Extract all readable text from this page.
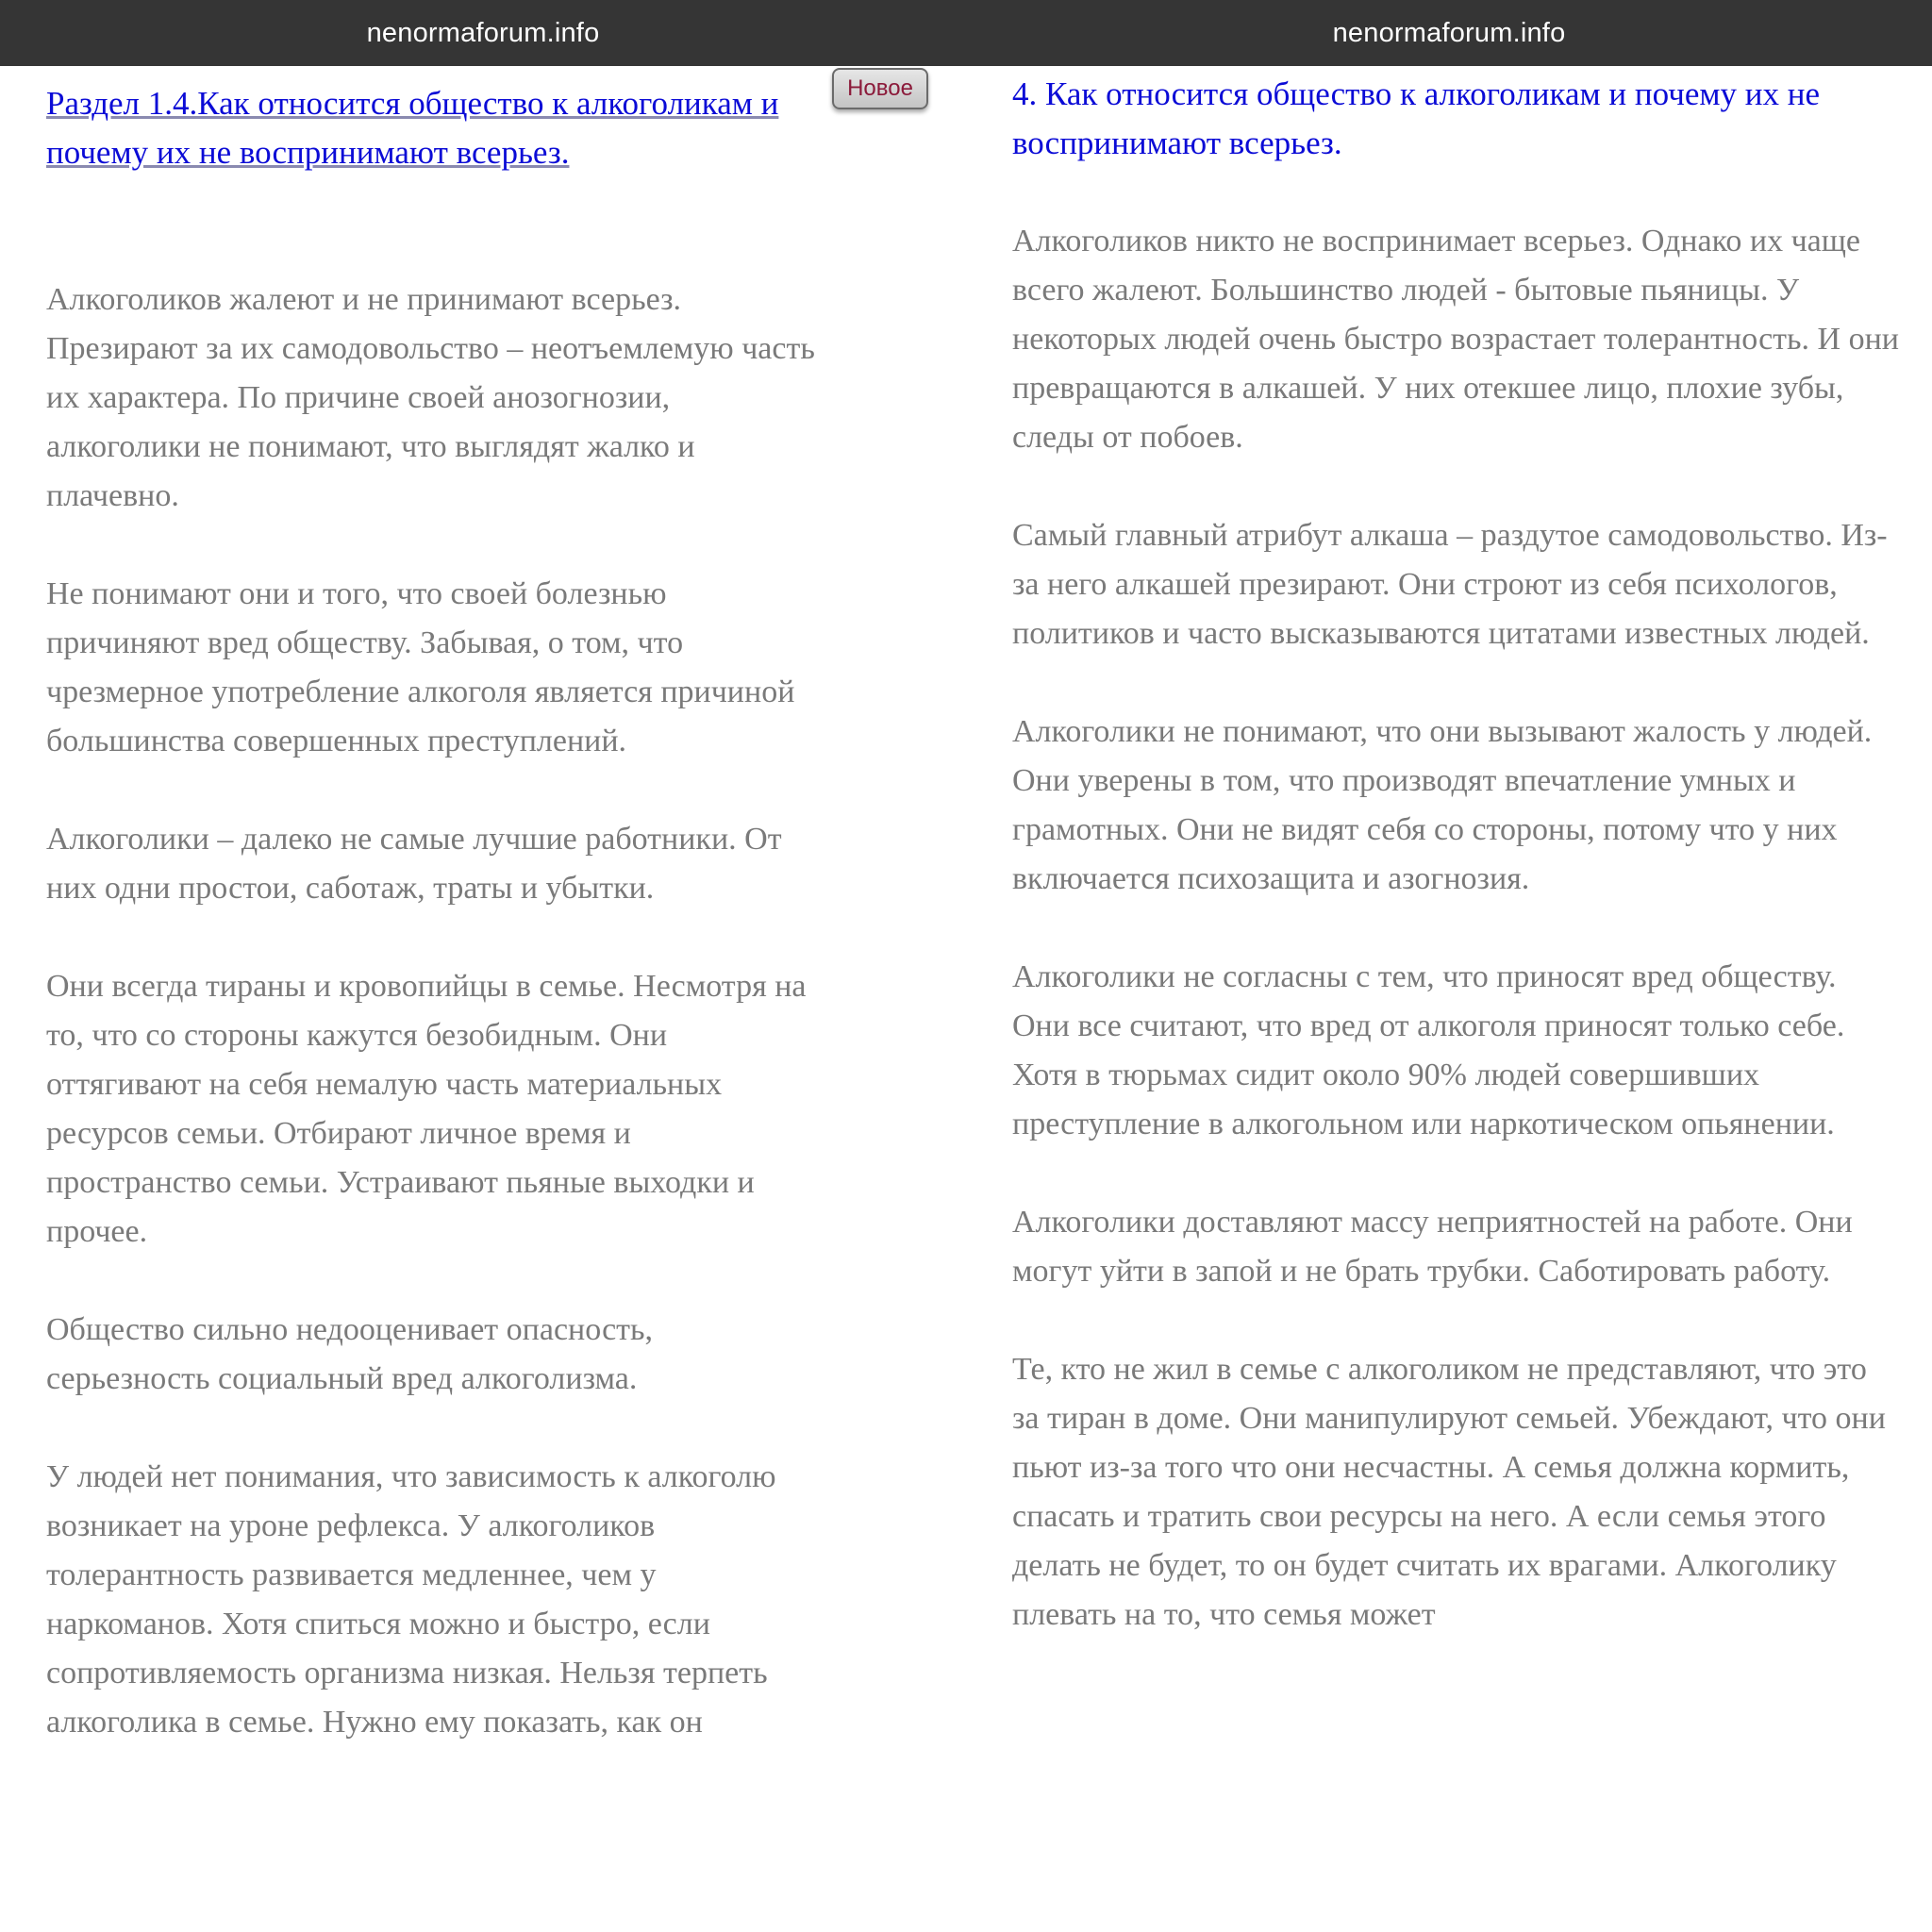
nenormaforum.info
Новое
Раздел 1.4.Как относится общество к алкоголикам и почему их не воспринимают всерьез.

Алкоголиков жалеют и не принимают всерьез. Презирают за их самодовольство – неотъемлемую часть их характера. По причине своей анозогнозии, алкоголики не понимают, что выглядят жалко и плачевно.

Не понимают они и того, что своей болезнью причиняют вред обществу. Забывая, о том, что чрезмерное употребление алкоголя является причиной большинства совершенных преступлений.

Алкоголики – далеко не самые лучшие работники. От них одни простои, саботаж, траты и убытки.

Они всегда тираны и кровопийцы в семье. Несмотря на то, что со стороны кажутся безобидным. Они оттягивают на себя немалую часть материальных ресурсов семьи. Отбирают личное время и пространство семьи. Устраивают пьяные выходки и прочее.

Общество сильно недооценивает опасность, серьезность социальный вред алкоголизма.

У людей нет понимания, что зависимость к алкоголю возникает на уроне рефлекса. У алкоголиков толерантность развивается медленнее, чем у наркоманов. Хотя спиться можно и быстро, если сопротивляемость организма низкая. Нельзя терпеть алкоголика в семье. Нужно ему показать, как он

nenormaforum.info
4. Как относится общество к алкоголикам и почему их не воспринимают всерьез.

Алкоголиков никто не воспринимает всерьез. Однако их чаще всего жалеют. Большинство людей - бытовые пьяницы. У некоторых людей очень быстро возрастает толерантность. И они превращаются в алкашей. У них отекшее лицо, плохие зубы, следы от побоев.

Самый главный атрибут алкаша – раздутое самодовольство. Из-за него алкашей презирают. Они строют из себя психологов, политиков и часто высказываются цитатами известных людей.

Алкоголики не понимают, что они вызывают жалость у людей. Они уверены в том, что производят впечатление умных и грамотных. Они не видят себя со стороны, потому что у них включается психозащита и азогнозия.

Алкоголики не согласны с тем, что приносят вред обществу. Они все считают, что вред от алкоголя приносят только себе. Хотя в тюрьмах сидит около 90% людей совершивших преступление в алкогольном или наркотическом опьянении.

Алкоголики доставляют массу неприятностей на работе. Они могут уйти в запой и не брать трубки. Саботировать работу.

Те, кто не жил в семье с алкоголиком не представляют, что это за тиран в доме. Они манипулируют семьей. Убеждают, что они пьют из-за того что они несчастны. А семья должна кормить, спасать и тратить свои ресурсы на него. А если семья этого делать не будет, то он будет считать их врагами. Алкоголику плевать на то, что семья может
